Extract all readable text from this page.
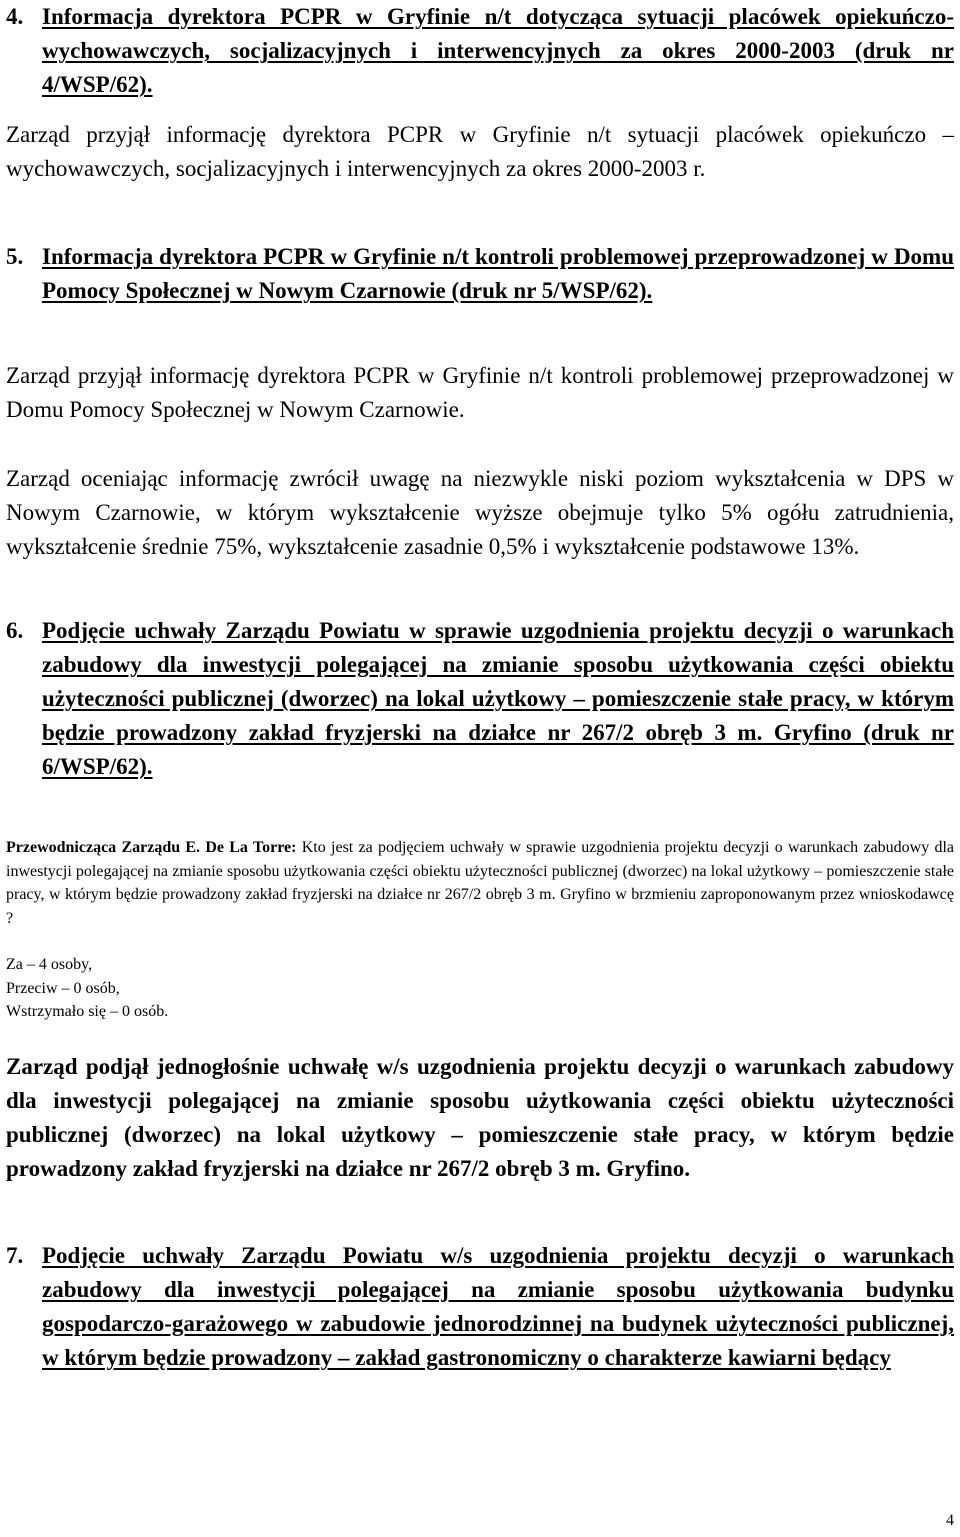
4. Informacja dyrektora PCPR w Gryfinie n/t dotycząca sytuacji placówek opiekuńczo- wychowawczych, socjalizacyjnych i interwencyjnych za okres 2000-2003 (druk nr 4/WSP/62).

Zarząd przyjął informację dyrektora PCPR w Gryfinie n/t sytuacji placówek opiekuńczo – wychowawczych, socjalizacyjnych i interwencyjnych za okres 2000-2003 r.

5. Informacja dyrektora PCPR w Gryfinie n/t kontroli problemowej przeprowadzonej w Domu Pomocy Społecznej w Nowym Czarnowie (druk nr 5/WSP/62).

Zarząd przyjął informację dyrektora PCPR w Gryfinie n/t kontroli problemowej przeprowadzonej w Domu Pomocy Społecznej w Nowym Czarnowie.

Zarząd oceniając informację zwrócił uwagę na niezwykle niski poziom wykształcenia w DPS w Nowym Czarnowie, w którym wykształcenie wyższe obejmuje tylko 5% ogółu zatrudnienia, wykształcenie średnie 75%, wykształcenie zasadnie 0,5% i wykształcenie podstawowe 13%.

6. Podjęcie uchwały Zarządu Powiatu w sprawie uzgodnienia projektu decyzji o warunkach zabudowy dla inwestycji polegającej na zmianie sposobu użytkowania części obiektu użyteczności publicznej (dworzec) na lokal użytkowy – pomieszczenie stałe pracy, w którym będzie prowadzony zakład fryzjerski na działce nr 267/2 obręb 3 m. Gryfino (druk nr 6/WSP/62).

Przewodnicząca Zarządu E. De La Torre: Kto jest za podjęciem uchwały w sprawie uzgodnienia projektu decyzji o warunkach zabudowy dla inwestycji polegającej na zmianie sposobu użytkowania części obiektu użyteczności publicznej (dworzec) na lokal użytkowy – pomieszczenie stałe pracy, w którym będzie prowadzony zakład fryzjerski na działce nr 267/2 obręb 3 m. Gryfino w brzmieniu zaproponowanym przez wnioskodawcę ?

Za – 4 osoby,
Przeciw – 0 osób,
Wstrzymało się – 0 osób.

Zarząd podjął jednogłośnie uchwałę w/s uzgodnienia projektu decyzji o warunkach zabudowy dla inwestycji polegającej na zmianie sposobu użytkowania części obiektu użyteczności publicznej (dworzec) na lokal użytkowy – pomieszczenie stałe pracy, w którym będzie prowadzony zakład fryzjerski na działce nr 267/2 obręb 3 m. Gryfino.

7. Podjęcie uchwały Zarządu Powiatu w/s uzgodnienia projektu decyzji o warunkach zabudowy dla inwestycji polegającej na zmianie sposobu użytkowania budynku gospodarczo-garażowego w zabudowie jednorodzinnej na budynek użyteczności publicznej, w którym będzie prowadzony – zakład gastronomiczny o charakterze kawiarni będący
4
